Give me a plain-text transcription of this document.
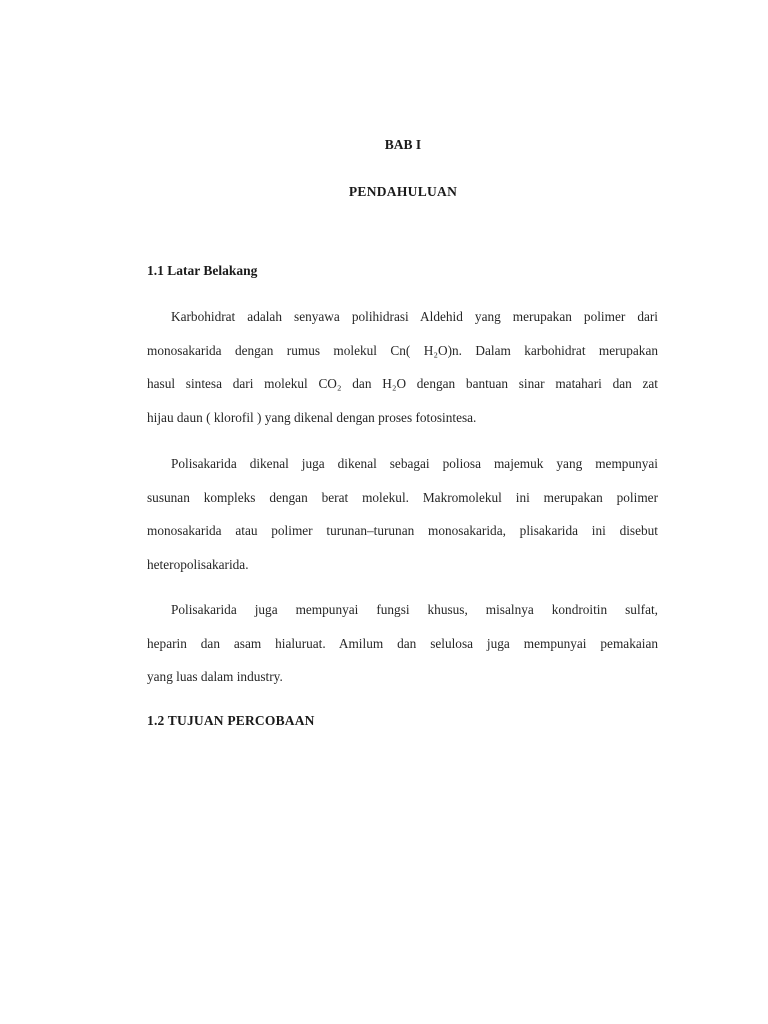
BAB I
PENDAHULUAN
1.1 Latar Belakang

Karbohidrat adalah senyawa polihidrasi Aldehid yang merupakan polimer dari
monosakarida dengan rumus molekul Cn( H₂O)n. Dalam karbohidrat merupakan
hasul sintesa dari molekul CO₂ dan H₂O dengan bantuan sinar matahari dan zat
hijau daun ( klorofil ) yang dikenal dengan proses fotosintesa.

Polisakarida dikenal juga dikenal sebagai poliosa majemuk yang mempunyai
susunan kompleks dengan berat molekul. Makromolekul ini merupakan polimer
monosakarida atau polimer turunan–turunan monosakarida, plisakarida ini disebut
heteropolisakarida.

Polisakarida juga mempunyai fungsi khusus, misalnya kondroitin sulfat,
heparin dan asam hialuruat. Amilum dan selulosa juga mempunyai pemakaian
yang luas dalam industry.

1.2 TUJUAN PERCOBAAN
